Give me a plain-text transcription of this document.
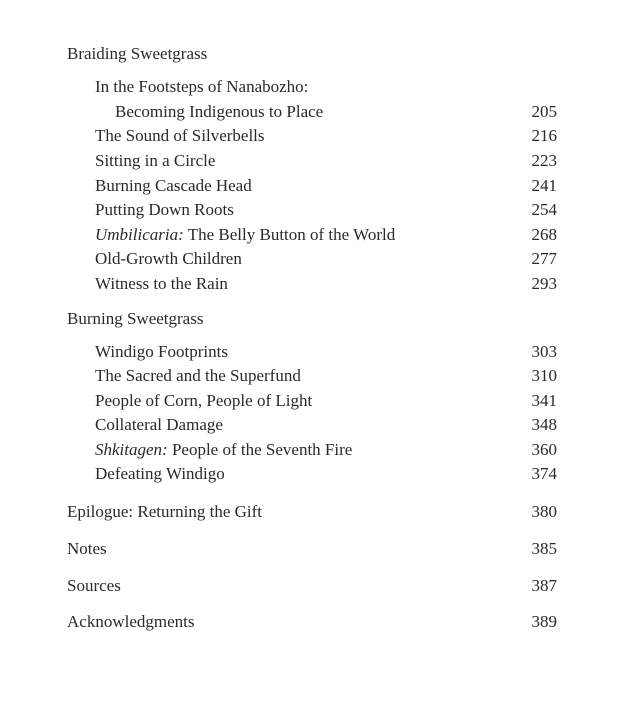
Braiding Sweetgrass
In the Footsteps of Nanabozho:
Becoming Indigenous to Place	205
The Sound of Silverbells	216
Sitting in a Circle	223
Burning Cascade Head	241
Putting Down Roots	254
Umbilicaria: The Belly Button of the World	268
Old-Growth Children	277
Witness to the Rain	293
Burning Sweetgrass
Windigo Footprints	303
The Sacred and the Superfund	310
People of Corn, People of Light	341
Collateral Damage	348
Shkitagen: People of the Seventh Fire	360
Defeating Windigo	374
Epilogue: Returning the Gift	380
Notes	385
Sources	387
Acknowledgments	389
